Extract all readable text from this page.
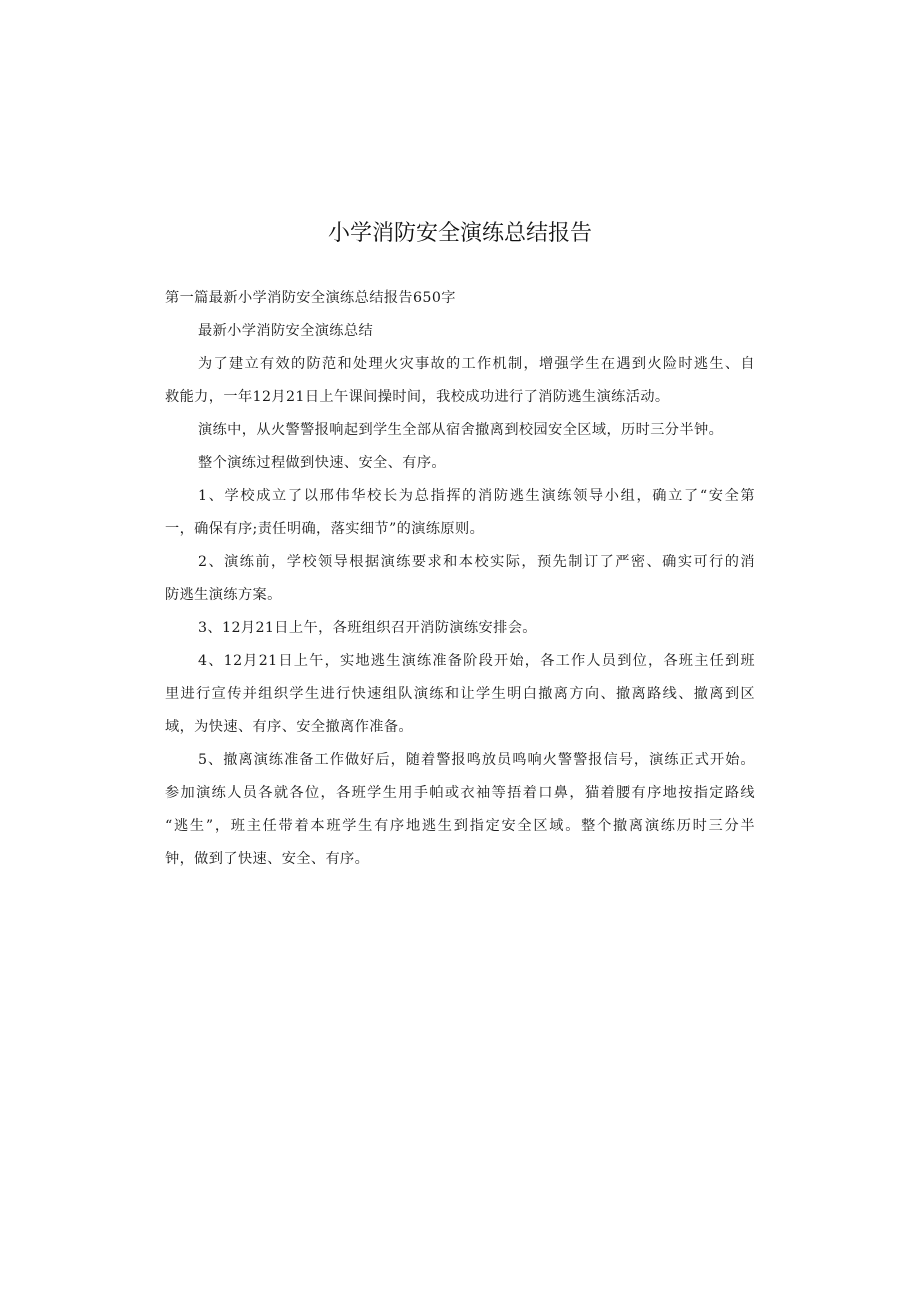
小学消防安全演练总结报告
第一篇最新小学消防安全演练总结报告650字
最新小学消防安全演练总结
为了建立有效的防范和处理火灾事故的工作机制，增强学生在遇到火险时逃生、自
救能力，一年12月21日上午课间操时间，我校成功进行了消防逃生演练活动。
演练中，从火警警报响起到学生全部从宿舍撤离到校园安全区域，历时三分半钟。
整个演练过程做到快速、安全、有序。
1、学校成立了以邢伟华校长为总指挥的消防逃生演练领导小组，确立了“安全第
一，确保有序;责任明确，落实细节”的演练原则。
2、演练前，学校领导根据演练要求和本校实际，预先制订了严密、确实可行的消
防逃生演练方案。
3、12月21日上午，各班组织召开消防演练安排会。
4、12月21日上午，实地逃生演练准备阶段开始，各工作人员到位，各班主任到班
里进行宣传并组织学生进行快速组队演练和让学生明白撤离方向、撤离路线、撤离到区
域，为快速、有序、安全撤离作准备。
5、撤离演练准备工作做好后，随着警报鸣放员鸣响火警警报信号，演练正式开始。
参加演练人员各就各位，各班学生用手帕或衣袖等捂着口鼻，猫着腰有序地按指定路线
“逃生”，班主任带着本班学生有序地逃生到指定安全区域。整个撤离演练历时三分半
钟，做到了快速、安全、有序。
